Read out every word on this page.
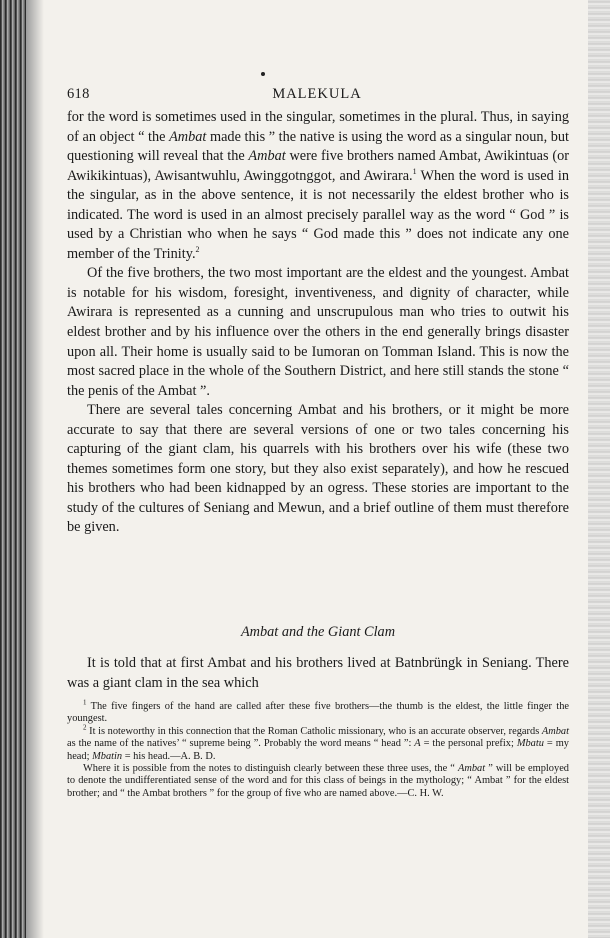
618	MALEKULA

for the word is sometimes used in the singular, sometimes in the plural. Thus, in saying of an object “ the Ambat made this ” the native is using the word as a singular noun, but questioning will reveal that the Ambat were five brothers named Ambat, Awikintuas (or Awikikintuas), Awisantwuhlu, Awinggotnggot, and Awirara.$^1$ When the word is used in the singular, as in the above sentence, it is not necessarily the eldest brother who is indicated. The word is used in an almost precisely parallel way as the word “ God ” is used by a Christian who when he says “ God made this ” does not indicate any one member of the Trinity.$^2$

Of the five brothers, the two most important are the eldest and the youngest. Ambat is notable for his wisdom, foresight, inventiveness, and dignity of character, while Awirara is represented as a cunning and unscrupulous man who tries to outwit his eldest brother and by his influence over the others in the end generally brings disaster upon all. Their home is usually said to be Iumoran on Tomman Island. This is now the most sacred place in the whole of the Southern District, and here still stands the stone “ the penis of the Ambat ”.

There are several tales concerning Ambat and his brothers, or it might be more accurate to say that there are several versions of one or two tales concerning his capturing of the giant clam, his quarrels with his brothers over his wife (these two themes sometimes form one story, but they also exist separately), and how he rescued his brothers who had been kidnapped by an ogress. These stories are important to the study of the cultures of Seniang and Mewun, and a brief outline of them must therefore be given.

Ambat and the Giant Clam

It is told that at first Ambat and his brothers lived at Batnbrüngk in Seniang. There was a giant clam in the sea which

$^1$ The five fingers of the hand are called after these five brothers—the thumb is the eldest, the little finger the youngest.

$^2$ It is noteworthy in this connection that the Roman Catholic missionary, who is an accurate observer, regards Ambat as the name of the natives’ “ supreme being ”. Probably the word means “ head ”: A = the personal prefix; Mbatu = my head; Mbatin = his head.—A. B. D.

Where it is possible from the notes to distinguish clearly between these three uses, the “ Ambat ” will be employed to denote the undifferentiated sense of the word and for this class of beings in the mythology; “ Ambat ” for the eldest brother; and “ the Ambat brothers ” for the group of five who are named above.—C. H. W.
